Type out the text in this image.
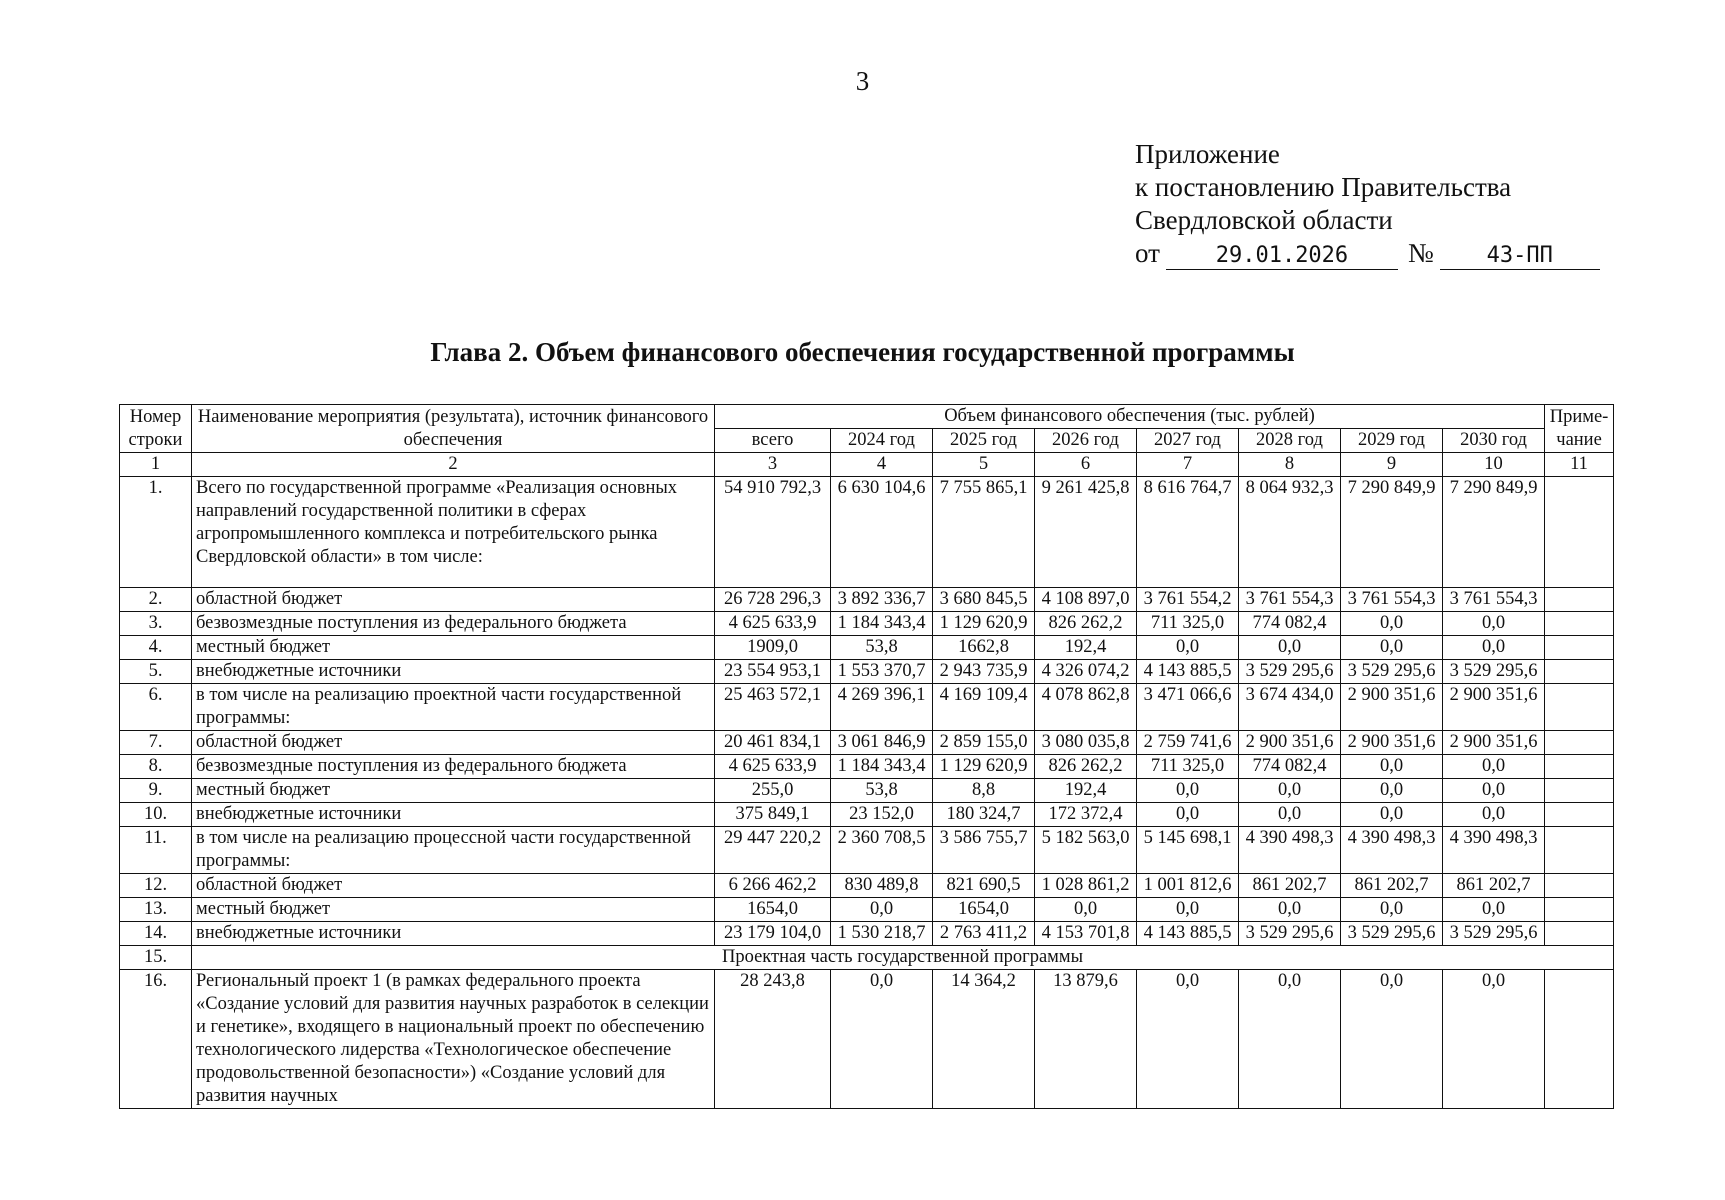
3
Приложение
к постановлению Правительства
Свердловской области
от	29.01.2026	№	43-ПП
Глава 2. Объем финансового обеспечения государственной программы
Номер строки	Наименование мероприятия (результата), источник финансового обеспечения	Объем финансового обеспечения (тыс. рублей)								Приме- чание
		всего	2024 год	2025 год	2026 год	2027 год	2028 год	2029 год	2030 год	
1	2	3	4	5	6	7	8	9	10	11
1.	Всего по государственной программе «Реализация основных направлений государственной политики в сферах агропромышленного комплекса и потребительского рынка Свердловской области» в том числе:	54 910 792,3	6 630 104,6	7 755 865,1	9 261 425,8	8 616 764,7	8 064 932,3	7 290 849,9	7 290 849,9	
2.	областной бюджет	26 728 296,3	3 892 336,7	3 680 845,5	4 108 897,0	3 761 554,2	3 761 554,3	3 761 554,3	3 761 554,3	
3.	безвозмездные поступления из федерального бюджета	4 625 633,9	1 184 343,4	1 129 620,9	826 262,2	711 325,0	774 082,4	0,0	0,0	
4.	местный бюджет	1909,0	53,8	1662,8	192,4	0,0	0,0	0,0	0,0	
5.	внебюджетные источники	23 554 953,1	1 553 370,7	2 943 735,9	4 326 074,2	4 143 885,5	3 529 295,6	3 529 295,6	3 529 295,6	
6.	в том числе на реализацию проектной части государственной программы:	25 463 572,1	4 269 396,1	4 169 109,4	4 078 862,8	3 471 066,6	3 674 434,0	2 900 351,6	2 900 351,6	
7.	областной бюджет	20 461 834,1	3 061 846,9	2 859 155,0	3 080 035,8	2 759 741,6	2 900 351,6	2 900 351,6	2 900 351,6	
8.	безвозмездные поступления из федерального бюджета	4 625 633,9	1 184 343,4	1 129 620,9	826 262,2	711 325,0	774 082,4	0,0	0,0	
9.	местный бюджет	255,0	53,8	8,8	192,4	0,0	0,0	0,0	0,0	
10.	внебюджетные источники	375 849,1	23 152,0	180 324,7	172 372,4	0,0	0,0	0,0	0,0	
11.	в том числе на реализацию процессной части государственной программы:	29 447 220,2	2 360 708,5	3 586 755,7	5 182 563,0	5 145 698,1	4 390 498,3	4 390 498,3	4 390 498,3	
12.	областной бюджет	6 266 462,2	830 489,8	821 690,5	1 028 861,2	1 001 812,6	861 202,7	861 202,7	861 202,7	
13.	местный бюджет	1654,0	0,0	1654,0	0,0	0,0	0,0	0,0	0,0	
14.	внебюджетные источники	23 179 104,0	1 530 218,7	2 763 411,2	4 153 701,8	4 143 885,5	3 529 295,6	3 529 295,6	3 529 295,6	
15.	Проектная часть государственной программы									
16.	Региональный проект 1 (в рамках федерального проекта «Создание условий для развития научных разработок в селекции и генетике», входящего в национальный проект по обеспечению технологического лидерства «Технологическое обеспечение продовольственной безопасности») «Создание условий для развития научных	28 243,8	0,0	14 364,2	13 879,6	0,0	0,0	0,0	0,0	
